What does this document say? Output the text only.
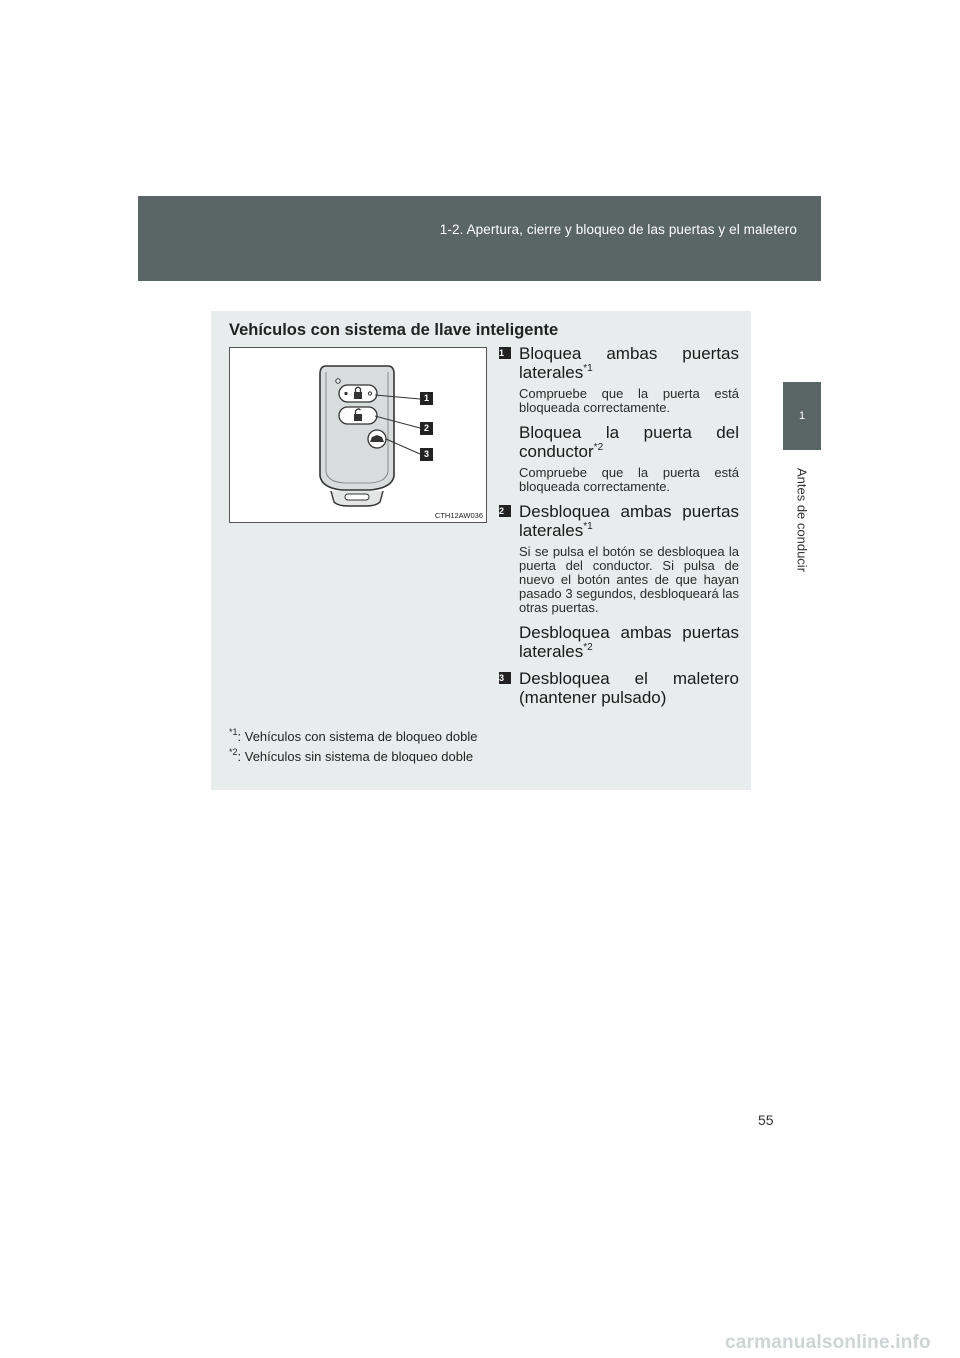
1-2. Apertura, cierre y bloqueo de las puertas y el maletero
1
Antes de conducir
Vehículos con sistema de llave inteligente
1
2
3
CTH12AW036
1 Bloquea ambas puertas laterales$^{*1}$
Compruebe que la puerta está bloqueada correctamente.
Bloquea la puerta del conductor$^{*2}$
Compruebe que la puerta está bloqueada correctamente.
2 Desbloquea ambas puertas laterales$^{*1}$
Si se pulsa el botón se desbloquea la puerta del conductor. Si pulsa de nuevo el botón antes de que hayan pasado 3 segundos, desbloqueará las otras puertas.
Desbloquea ambas puertas laterales$^{*2}$
3 Desbloquea el maletero (mantener pulsado)
$^{*1}$: Vehículos con sistema de bloqueo doble
$^{*2}$: Vehículos sin sistema de bloqueo doble
55
carmanualsonline.info
